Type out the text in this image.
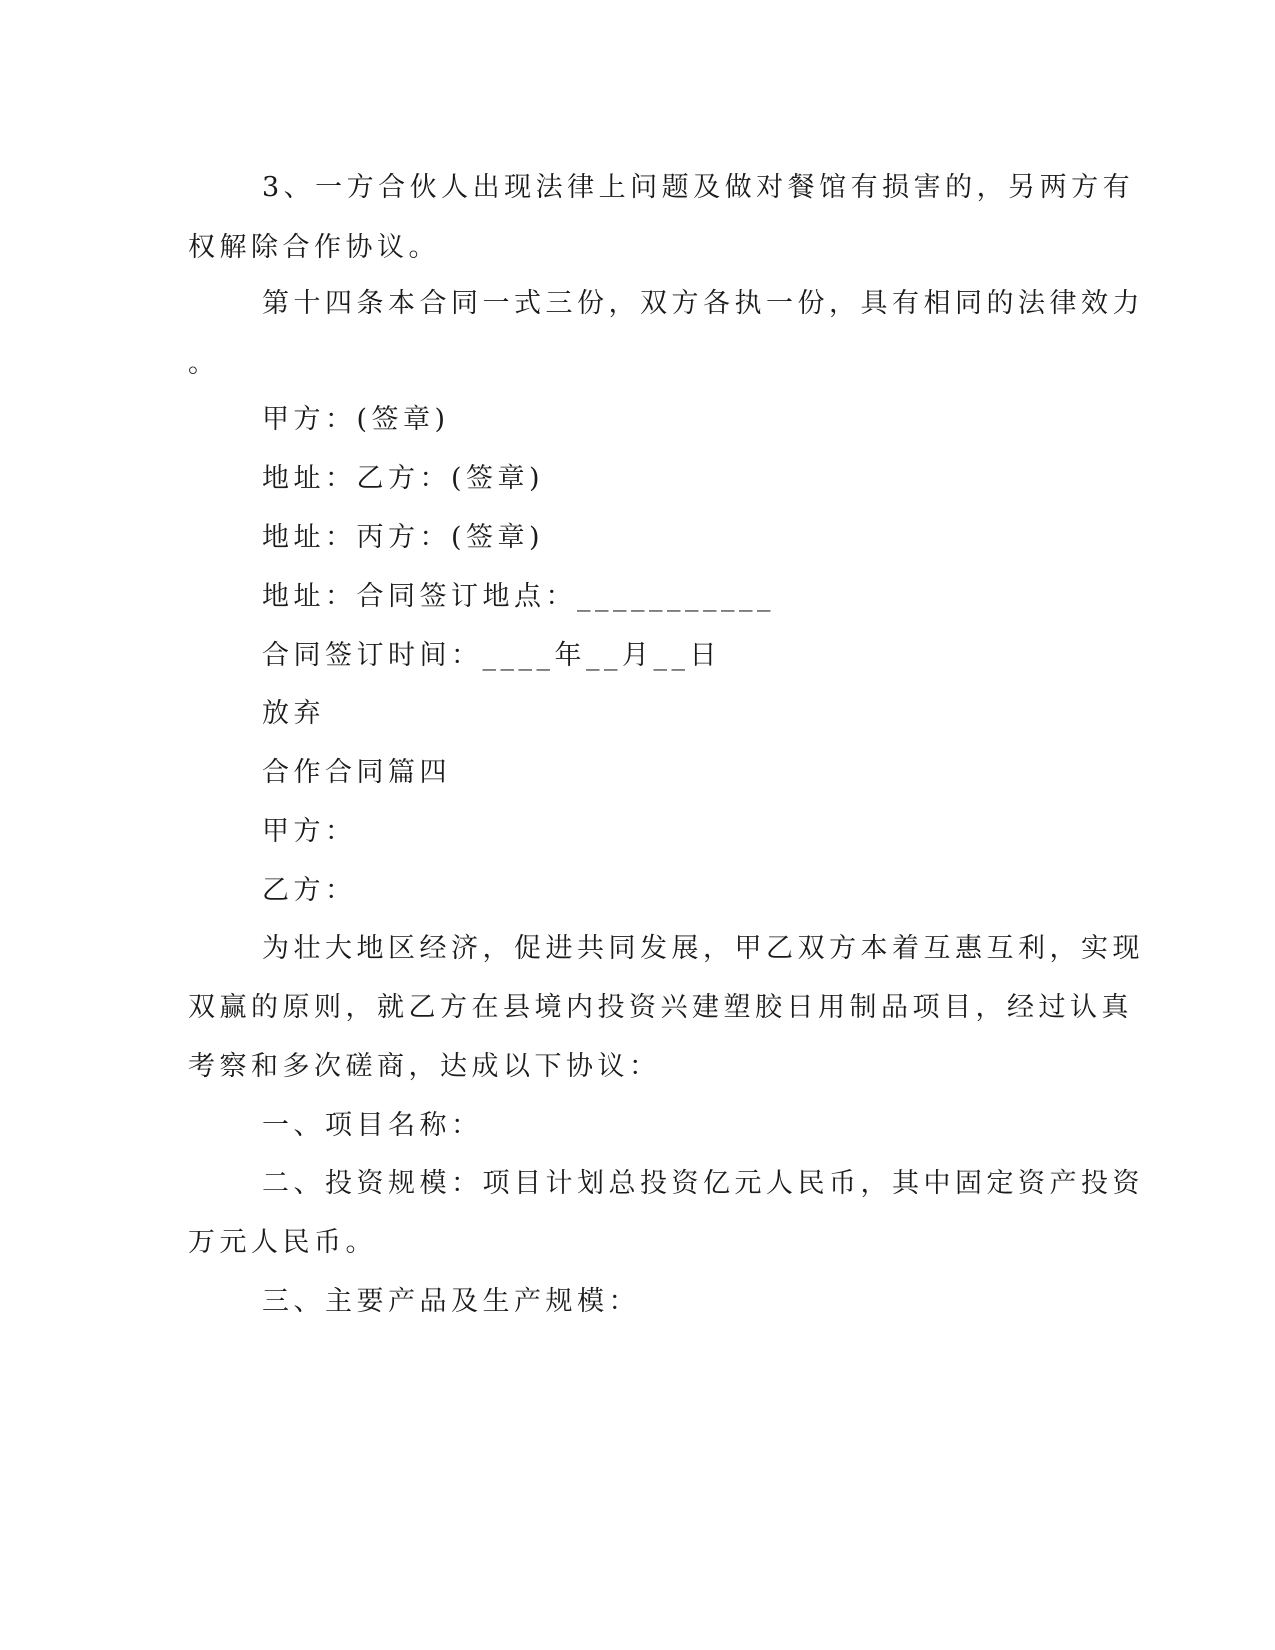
3、一方合伙人出现法律上问题及做对餐馆有损害的，另两方有
权解除合作协议。
第十四条本合同一式三份，双方各执一份，具有相同的法律效力
。
甲方：(签章)
地址：乙方：(签章)
地址：丙方：(签章)
地址：合同签订地点：___________
合同签订时间：____年__月__日
放弃
合作合同篇四
甲方：
乙方：
为壮大地区经济，促进共同发展，甲乙双方本着互惠互利，实现
双赢的原则，就乙方在县境内投资兴建塑胶日用制品项目，经过认真
考察和多次磋商，达成以下协议：
一、项目名称：
二、投资规模：项目计划总投资亿元人民币，其中固定资产投资
万元人民币。
三、主要产品及生产规模：
